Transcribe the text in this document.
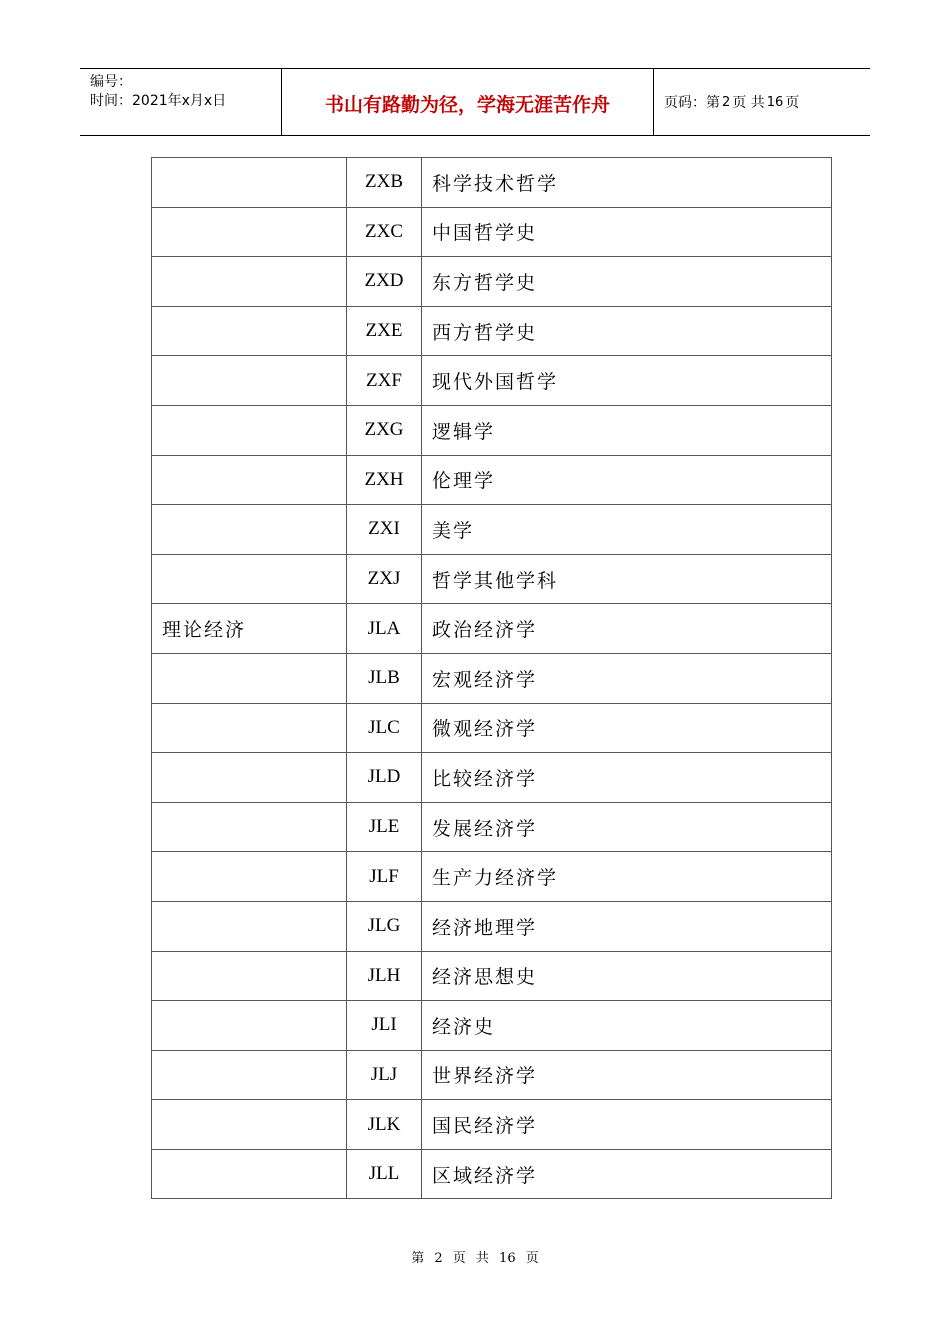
编号：
时间：2021年x月x日	书山有路勤为径，学海无涯苦作舟	页码：第 2 页 共 16 页
	ZXB	科学技术哲学
	ZXC	中国哲学史
	ZXD	东方哲学史
	ZXE	西方哲学史
	ZXF	现代外国哲学
	ZXG	逻辑学
	ZXH	伦理学
	ZXI	美学
	ZXJ	哲学其他学科
理论经济	JLA	政治经济学
	JLB	宏观经济学
	JLC	微观经济学
	JLD	比较经济学
	JLE	发展经济学
	JLF	生产力经济学
	JLG	经济地理学
	JLH	经济思想史
	JLI	经济史
	JLJ	世界经济学
	JLK	国民经济学
	JLL	区域经济学
第 2 页 共 16 页
